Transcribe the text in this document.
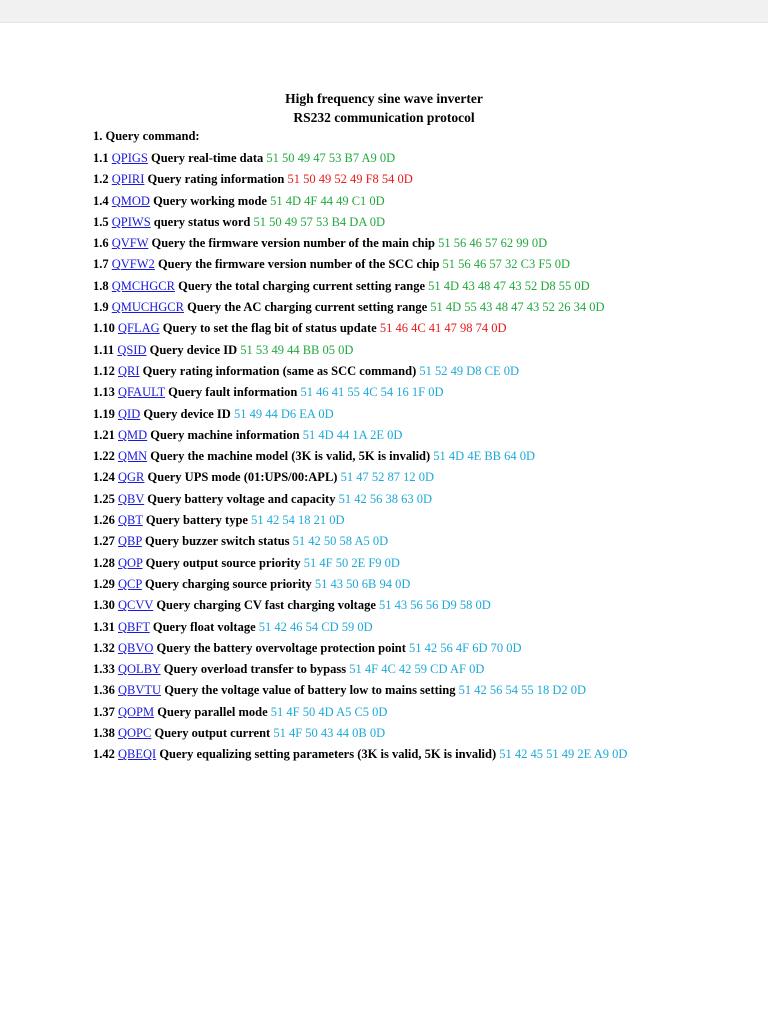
High frequency sine wave inverter
RS232 communication protocol
1. Query command:
1.1 QPIGS Query real-time data 51 50 49 47 53 B7 A9 0D
1.2 QPIRI Query rating information 51 50 49 52 49 F8 54 0D
1.4 QMOD Query working mode 51 4D 4F 44 49 C1 0D
1.5 QPIWS query status word 51 50 49 57 53 B4 DA 0D
1.6 QVFW Query the firmware version number of the main chip 51 56 46 57 62 99 0D
1.7 QVFW2 Query the firmware version number of the SCC chip 51 56 46 57 32 C3 F5 0D
1.8 QMCHGCR Query the total charging current setting range 51 4D 43 48 47 43 52 D8 55 0D
1.9 QMUCHGCR Query the AC charging current setting range 51 4D 55 43 48 47 43 52 26 34 0D
1.10 QFLAG Query to set the flag bit of status update 51 46 4C 41 47 98 74 0D
1.11 QSID Query device ID 51 53 49 44 BB 05 0D
1.12 QRI Query rating information (same as SCC command) 51 52 49 D8 CE 0D
1.13 QFAULT Query fault information 51 46 41 55 4C 54 16 1F 0D
1.19 QID Query device ID 51 49 44 D6 EA 0D
1.21 QMD Query machine information 51 4D 44 1A 2E 0D
1.22 QMN Query the machine model (3K is valid, 5K is invalid) 51 4D 4E BB 64 0D
1.24 QGR Query UPS mode (01:UPS/00:APL) 51 47 52 87 12 0D
1.25 QBV Query battery voltage and capacity 51 42 56 38 63 0D
1.26 QBT Query battery type 51 42 54 18 21 0D
1.27 QBP Query buzzer switch status 51 42 50 58 A5 0D
1.28 QOP Query output source priority 51 4F 50 2E F9 0D
1.29 QCP Query charging source priority 51 43 50 6B 94 0D
1.30 QCVV Query charging CV fast charging voltage 51 43 56 56 D9 58 0D
1.31 QBFT Query float voltage 51 42 46 54 CD 59 0D
1.32 QBVO Query the battery overvoltage protection point 51 42 56 4F 6D 70 0D
1.33 QOLBY Query overload transfer to bypass 51 4F 4C 42 59 CD AF 0D
1.36 QBVTU Query the voltage value of battery low to mains setting 51 42 56 54 55 18 D2 0D
1.37 QOPM Query parallel mode 51 4F 50 4D A5 C5 0D
1.38 QOPC Query output current 51 4F 50 43 44 0B 0D
1.42 QBEQI Query equalizing setting parameters (3K is valid, 5K is invalid) 51 42 45 51 49 2E A9 0D
